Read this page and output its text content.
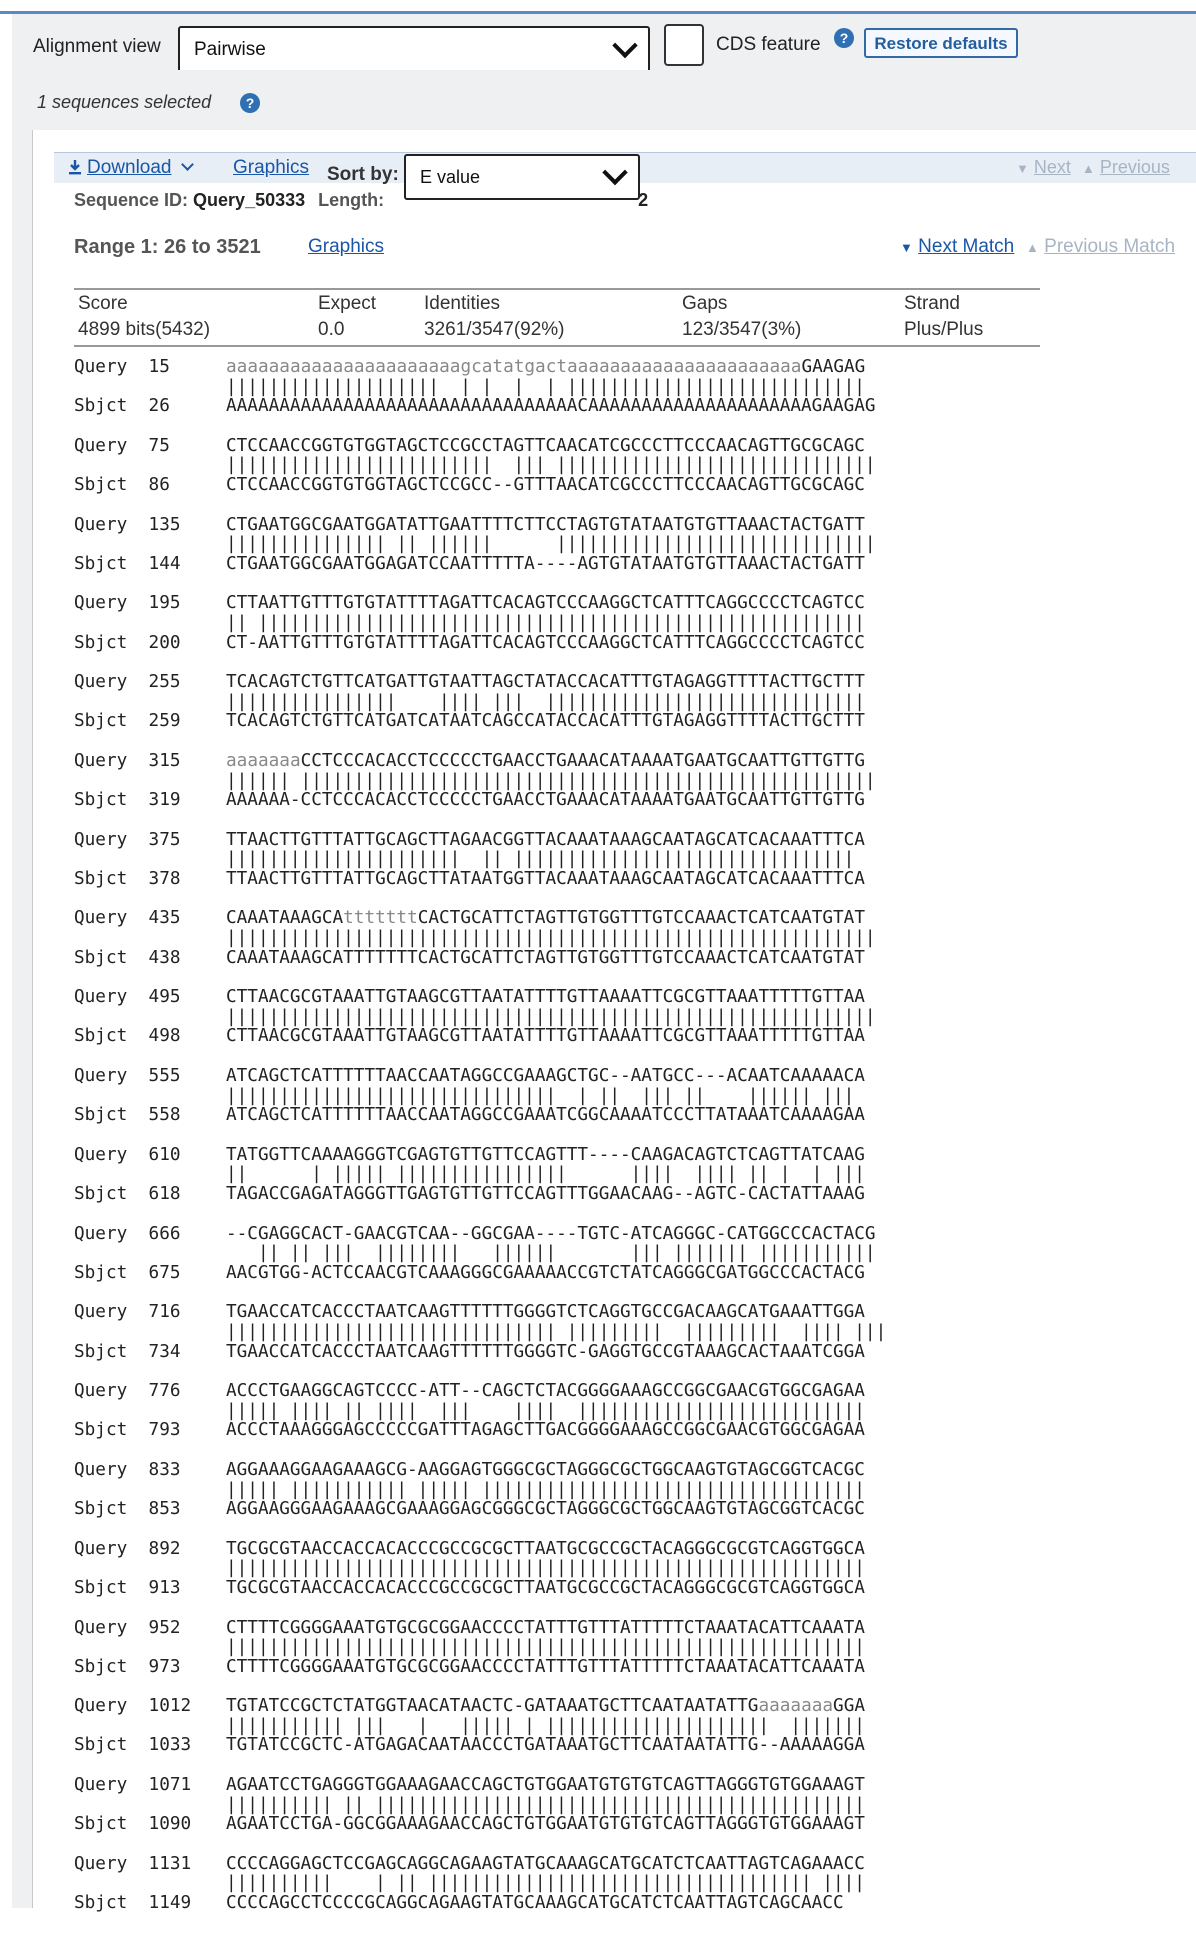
Alignment view	Pairwise	CDS feature	?	Restore defaults
1 sequences selected	?
Download	Graphics Sort by:	E value	▼ Next ▲ Previous
Sequence ID: Query_50333 Length:	2
Range 1: 26 to 3521 Graphics	▼ Next Match ▲ Previous Match
Score	Expect	Identities	Gaps	Strand
4899 bits(5432)	0.0	3261/3547(92%)	123/3547(3%)	Plus/Plus
Query  15	aaaaaaaaaaaaaaaaaaaaaagcatatgactaaaaaaaaaaaaaaaaaaaaaaGAAGAG
||||||||||||||||||||  | |  |  | ||||||||||||||||||||||||||||
Sbjct  26	AAAAAAAAAAAAAAAAAAAAAAAAAAAAAAAAACAAAAAAAAAAAAAAAAAAAAAGAAGAG
Query  75	CTCCAACCGGTGTGGTAGCTCCGCCTAGTTCAACATCGCCCTTCCCAACAGTTGCGCAGC
|||||||||||||||||||||||||  ||| ||||||||||||||||||||||||||||||
Sbjct  86	CTCCAACCGGTGTGGTAGCTCCGCC--GTTTAACATCGCCCTTCCCAACAGTTGCGCAGC
Query  135	CTGAATGGCGAATGGATATTGAATTTTCTTCCTAGTGTATAATGTGTTAAACTACTGATT
||||||||||||||| || ||||||      ||||||||||||||||||||||||||||||
Sbjct  144	CTGAATGGCGAATGGAGATCCAATTTTTA----AGTGTATAATGTGTTAAACTACTGATT
Query  195	CTTAATTGTTTGTGTATTTTAGATTCACAGTCCCAAGGCTCATTTCAGGCCCCTCAGTCC
|| |||||||||||||||||||||||||||||||||||||||||||||||||||||||||
Sbjct  200	CT-AATTGTTTGTGTATTTTAGATTCACAGTCCCAAGGCTCATTTCAGGCCCCTCAGTCC
Query  255	TCACAGTCTGTTCATGATTGTAATTAGCTATACCACATTTGTAGAGGTTTTACTTGCTTT
||||||||||||||||    |||| |||  ||||||||||||||||||||||||||||||
Sbjct  259	TCACAGTCTGTTCATGATCATAATCAGCCATACCACATTTGTAGAGGTTTTACTTGCTTT
Query  315	aaaaaaaCCTCCCACACCTCCCCCTGAACCTGAAACATAAAATGAATGCAATTGTTGTTG
|||||| ||||||||||||||||||||||||||||||||||||||||||||||||||||||
Sbjct  319	AAAAAA-CCTCCCACACCTCCCCCTGAACCTGAAACATAAAATGAATGCAATTGTTGTTG
Query  375	TTAACTTGTTTATTGCAGCTTAGAACGGTTACAAATAAAGCAATAGCATCACAAATTTCA
||||||||||||||||||||||  || ||||||||||||||||||||||||||||||||
Sbjct  378	TTAACTTGTTTATTGCAGCTTATAATGGTTACAAATAAAGCAATAGCATCACAAATTTCA
Query  435	CAAATAAAGCAtttttttCACTGCATTCTAGTTGTGGTTTGTCCAAACTCATCAATGTAT
|||||||||||||||||||||||||||||||||||||||||||||||||||||||||||||
Sbjct  438	CAAATAAAGCATTTTTTTCACTGCATTCTAGTTGTGGTTTGTCCAAACTCATCAATGTAT
Query  495	CTTAACGCGTAAATTGTAAGCGTTAATATTTTGTTAAAATTCGCGTTAAATTTTTGTTAA
|||||||||||||||||||||||||||||||||||||||||||||||||||||||||||||
Sbjct  498	CTTAACGCGTAAATTGTAAGCGTTAATATTTTGTTAAAATTCGCGTTAAATTTTTGTTAA
Query  555	ATCAGCTCATTTTTTAACCAATAGGCCGAAAGCTGC--AATGCC---ACAATCAAAAACA
|||||||||||||||||||||||||||||||  | ||  ||| ||    |||||| |||
Sbjct  558	ATCAGCTCATTTTTTAACCAATAGGCCGAAATCGGCAAAATCCCTTATAAATCAAAAGAA
Query  610	TATGGTTCAAAAGGGTCGAGTGTTGTTCCAGTTT----CAAGACAGTCTCAGTTATCAAG
||      | ||||| ||||||||||||||||      ||||  |||| || |  | |||
Sbjct  618	TAGACCGAGATAGGGTTGAGTGTTGTTCCAGTTTGGAACAAG--AGTC-CACTATTAAAG
Query  666	--CGAGGCACT-GAACGTCAA--GGCGAA----TGTC-ATCAGGGC-CATGGCCCACTACG
|| || |||  ||||||||   ||||||       ||| ||||||| |||||||||||
Sbjct  675	AACGTGG-ACTCCAACGTCAAAGGGCGAAAAACCGTCTATCAGGGCGATGGCCCACTACG
Query  716	TGAACCATCACCCTAATCAAGTTTTTTGGGGTCTCAGGTGCCGACAAGCATGAAATTGGA
||||||||||||||||||||||||||||||| |||||||||  |||||||||  |||| |||
Sbjct  734	TGAACCATCACCCTAATCAAGTTTTTTGGGGTC-GAGGTGCCGTAAAGCACTAAATCGGA
Query  776	ACCCTGAAGGCAGTCCCC-ATT--CAGCTCTACGGGGAAAGCCGGCGAACGTGGCGAGAA
||||| |||| || ||||  |||    ||||  |||||||||||||||||||||||||||
Sbjct  793	ACCCTAAAGGGAGCCCCCGATTTAGAGCTTGACGGGGAAAGCCGGCGAACGTGGCGAGAA
Query  833	AGGAAAGGAAGAAAGCG-AAGGAGTGGGCGCTAGGGCGCTGGCAAGTGTAGCGGTCACGC
||||| ||||||||||| ||||| ||||||||||||||||||||||||||||||||||||
Sbjct  853	AGGAAGGGAAGAAAGCGAAAGGAGCGGGCGCTAGGGCGCTGGCAAGTGTAGCGGTCACGC
Query  892	TGCGCGTAACCACCACACCCGCCGCGCTTAATGCGCCGCTACAGGGCGCGTCAGGTGGCA
||||||||||||||||||||||||||||||||||||||||||||||||||||||||||||
Sbjct  913	TGCGCGTAACCACCACACCCGCCGCGCTTAATGCGCCGCTACAGGGCGCGTCAGGTGGCA
Query  952	CTTTTCGGGGAAATGTGCGCGGAACCCCTATTTGTTTATTTTTCTAAATACATTCAAATA
||||||||||||||||||||||||||||||||||||||||||||||||||||||||||||
Sbjct  973	CTTTTCGGGGAAATGTGCGCGGAACCCCTATTTGTTTATTTTTCTAAATACATTCAAATA
Query  1012 TGTATCCGCTCTATGGTAACATAACTC-GATAAATGCTTCAATAATATTGaaaaaaaGGA
||||||||||| |||   |   ||||| | |||||||||||||||||||||  |||||||
Sbjct  1033 TGTATCCGCTC-ATGAGACAATAACCCTGATAAATGCTTCAATAATATTG--AAAAAGGA
Query  1071 AGAATCCTGAGGGTGGAAAGAACCAGCTGTGGAATGTGTGTCAGTTAGGGTGTGGAAAGT
|||||||||| || ||||||||||||||||||||||||||||||||||||||||||||||
Sbjct  1090 AGAATCCTGA-GGCGGAAAGAACCAGCTGTGGAATGTGTGTCAGTTAGGGTGTGGAAAGT
Query  1131 CCCCAGGAGCTCCGAGCAGGCAGAAGTATGCAAAGCATGCATCTCAATTAGTCAGAAACC
||||||||||    | || |||||||||||||||||||||||||||||||||||| ||||
Sbjct  1149 CCCCAGCCTCCCCGCAGGCAGAAGTATGCAAAGCATGCATCTCAATTAGTCAGCAACC
